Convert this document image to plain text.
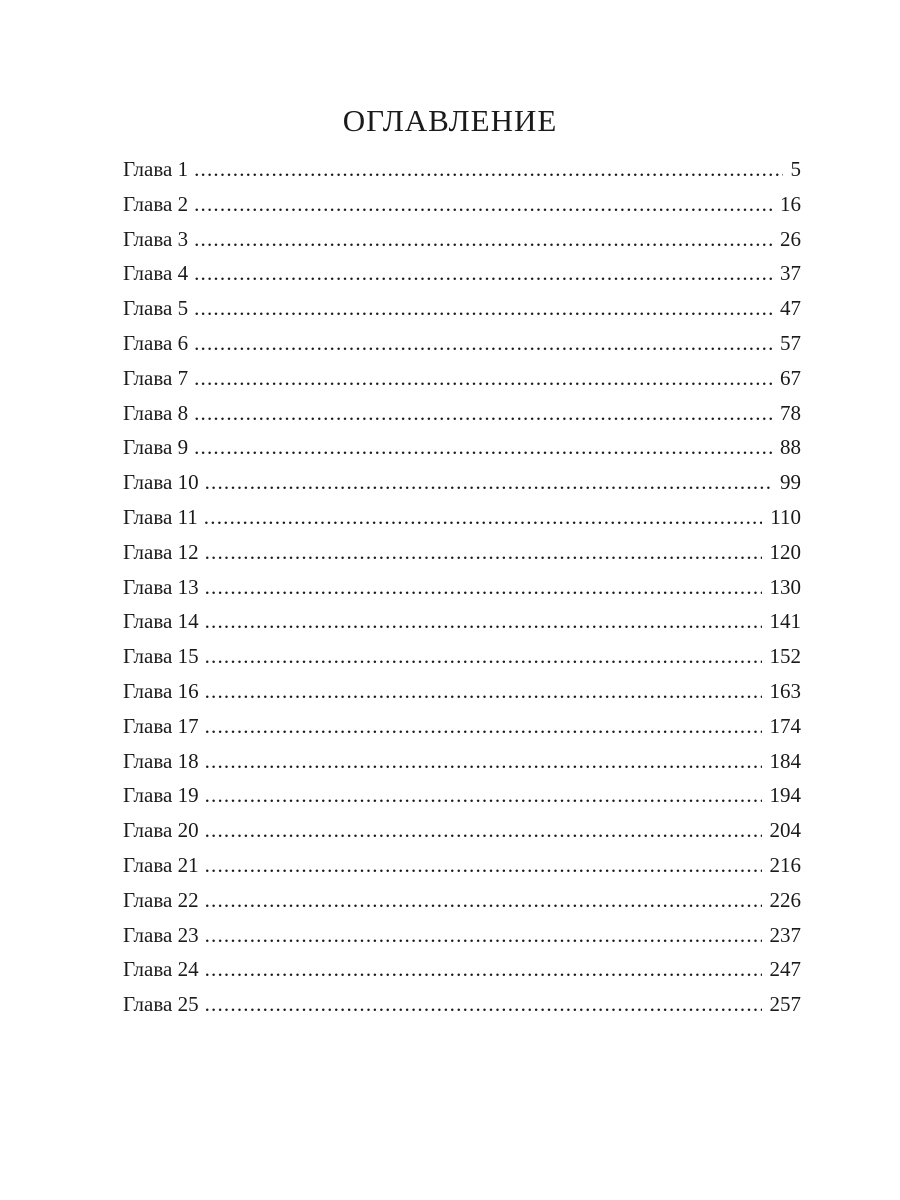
ОГЛАВЛЕНИЕ
Глава 1 .....	5
Глава 2 .....	16
Глава 3 .....	26
Глава 4 .....	37
Глава 5 .....	47
Глава 6 .....	57
Глава 7 .....	67
Глава 8 .....	78
Глава 9 .....	88
Глава 10 .....	99
Глава 11 .....	110
Глава 12 .....	120
Глава 13 .....	130
Глава 14 .....	141
Глава 15 .....	152
Глава 16 .....	163
Глава 17 .....	174
Глава 18 .....	184
Глава 19 .....	194
Глава 20 .....	204
Глава 21 .....	216
Глава 22 .....	226
Глава 23 .....	237
Глава 24 .....	247
Глава 25 .....	257
